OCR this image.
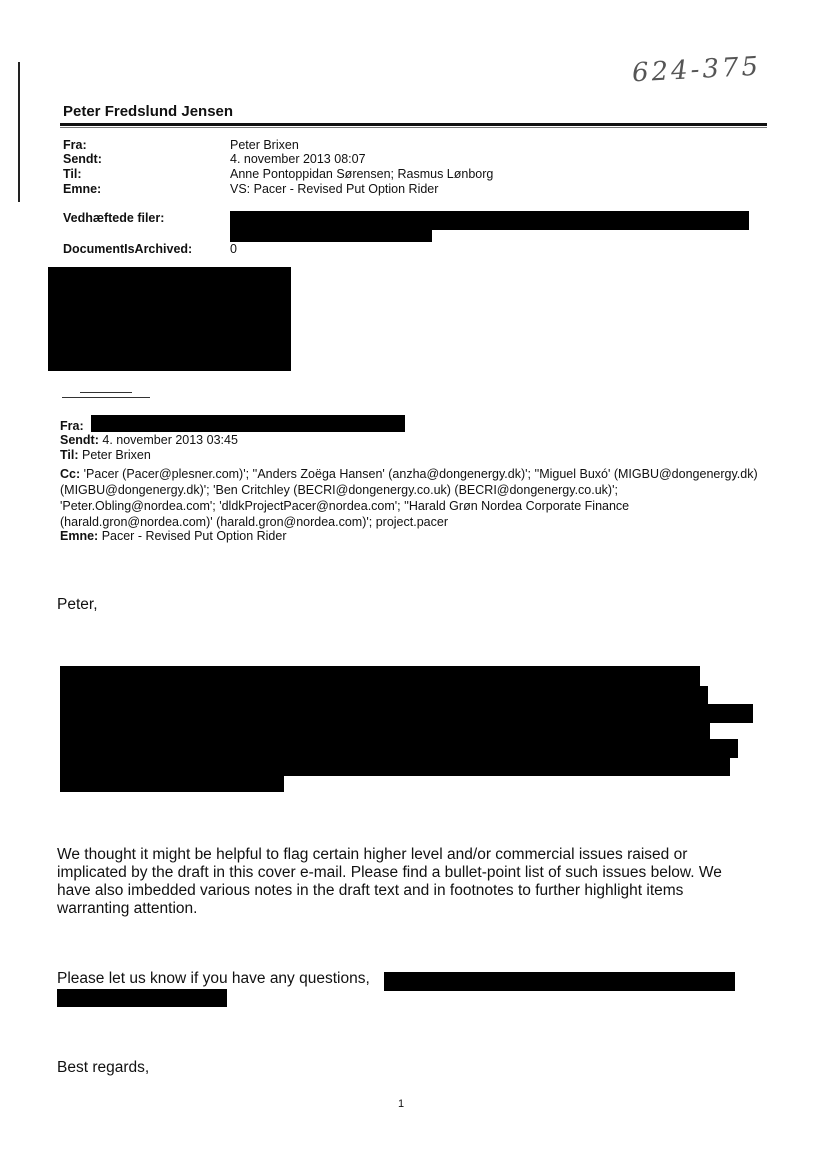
624-375
Peter Fredslund Jensen
Fra:	Peter Brixen
Sendt:	4. november 2013 08:07
Til:	Anne Pontoppidan Sørensen; Rasmus Lønborg
Emne:	VS: Pacer - Revised Put Option Rider
Vedhæftede filer:
DocumentIsArchived:	0
Fra:
Sendt: 4. november 2013 03:45
Til: Peter Brixen
Cc: 'Pacer (Pacer@plesner.com)'; ''Anders Zoëga Hansen' (anzha@dongenergy.dk)'; ''Miguel Buxó' (MIGBU@dongenergy.dk) (MIGBU@dongenergy.dk)'; 'Ben Critchley (BECRI@dongenergy.co.uk) (BECRI@dongenergy.co.uk)'; 'Peter.Obling@nordea.com'; 'dldkProjectPacer@nordea.com'; ''Harald Grøn Nordea Corporate Finance (harald.gron@nordea.com)' (harald.gron@nordea.com)'; project.pacer
Emne: Pacer - Revised Put Option Rider
Peter,
We thought it might be helpful to flag certain higher level and/or commercial issues raised or implicated by the draft in this cover e-mail. Please find a bullet-point list of such issues below. We have also imbedded various notes in the draft text and in footnotes to further highlight items warranting attention.
Please let us know if you have any questions,
Best regards,
1
